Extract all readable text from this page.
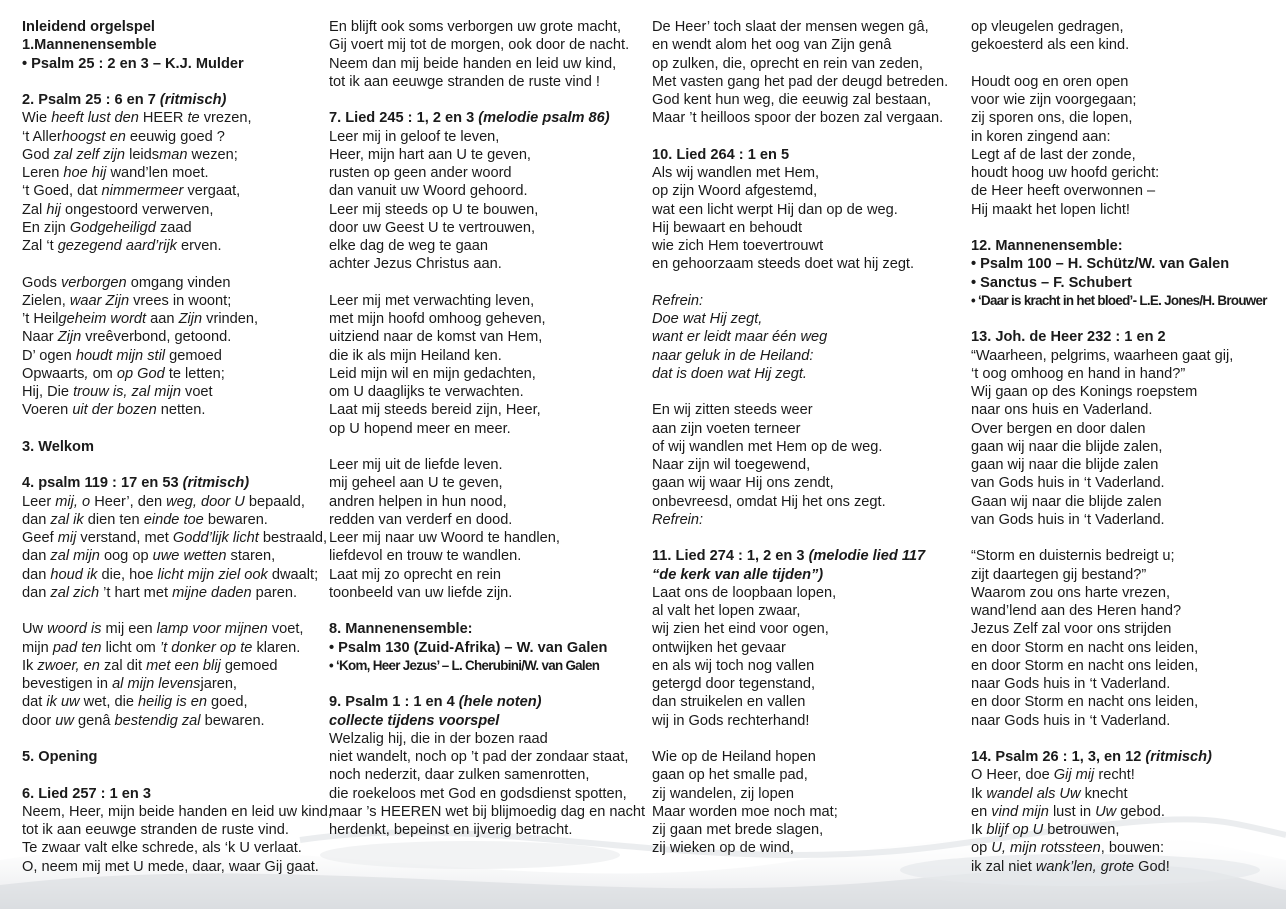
Inleidend orgelspel
1.Mannenensemble
• Psalm 25 : 2 en 3 – K.J. Mulder
2. Psalm 25 : 6 en 7 (ritmisch)
Wie heeft lust den HEER te vrezen,
‘t Allerhoogst en eeuwig goed ?
God zal zelf zijn leidsman wezen;
Leren hoe hij wand’len moet.
‘t Goed, dat nimmermeer vergaat,
Zal hij ongestoord verwerven,
En zijn Godgeheiligd zaad
Zal ‘t gezegend aard’rijk erven.
Gods verborgen omgang vinden
Zielen, waar Zijn vrees in woont;
’t Heilgeheim wordt aan Zijn vrinden,
Naar Zijn vreêverbond, getoond.
D’ ogen houdt mijn stil gemoed
Opwaarts, om op God te letten;
Hij, Die trouw is, zal mijn voet
Voeren uit der bozen netten.
3. Welkom
4. psalm 119 : 17 en 53 (ritmisch)
Leer mij, o Heer’, den weg, door U bepaald,
dan zal ik dien ten einde toe bewaren.
Geef mij verstand, met Godd’lijk licht bestraald,
dan zal mijn oog op uwe wetten staren,
dan houd ik die, hoe licht mijn ziel ook dwaalt;
dan zal zich ’t hart met mijne daden paren.
Uw woord is mij een lamp voor mijnen voet,
mijn pad ten licht om ’t donker op te klaren.
Ik zwoer, en zal dit met een blij gemoed
bevestigen in al mijn levensjaren,
dat ik uw wet, die heilig is en goed,
door uw genâ bestendig zal bewaren.
5. Opening
6. Lied 257 : 1 en 3
Neem, Heer, mijn beide handen en leid uw kind,
tot ik aan eeuwge stranden de ruste vind.
Te zwaar valt elke schrede, als ‘k U verlaat.
O, neem mij met U mede, daar, waar Gij gaat.
En blijft ook soms verborgen uw grote macht,
Gij voert mij tot de morgen, ook door de nacht.
Neem dan mij beide handen en leid uw kind,
tot ik aan eeuwge stranden de ruste vind !
7. Lied 245 : 1, 2 en 3 (melodie psalm 86)
Leer mij in geloof te leven,
Heer, mijn hart aan U te geven,
rusten op geen ander woord
dan vanuit uw Woord gehoord.
Leer mij steeds op U te bouwen,
door uw Geest U te vertrouwen,
elke dag de weg te gaan
achter Jezus Christus aan.
Leer mij met verwachting leven,
met mijn hoofd omhoog geheven,
uitziend naar de komst van Hem,
die ik als mijn Heiland ken.
Leid mijn wil en mijn gedachten,
om U daaglijks te verwachten.
Laat mij steeds bereid zijn, Heer,
op U hopend meer en meer.
Leer mij uit de liefde leven.
mij geheel aan U te geven,
andren helpen in hun nood,
redden van verderf en dood.
Leer mij naar uw Woord te handlen,
liefdevol en trouw te wandlen.
Laat mij zo oprecht en rein
toonbeeld van uw liefde zijn.
8. Mannenensemble:
• Psalm 130 (Zuid-Afrika) – W. van Galen
• ‘Kom, Heer Jezus’ – L. Cherubini/W. van Galen
9. Psalm 1 : 1 en 4 (hele noten)
collecte tijdens voorspel
Welzalig hij, die in der bozen raad
niet wandelt, noch op ’t pad der zondaar staat,
noch nederzit, daar zulken samenrotten,
die roekeloos met God en godsdienst spotten,
maar ’s HEEREN wet bij blijmoedig dag en nacht
herdenkt, bepeinst en ijverig betracht.
De Heer’ toch slaat der mensen wegen gâ,
en wendt alom het oog van Zijn genâ
op zulken, die, oprecht en rein van zeden,
Met vasten gang het pad der deugd betreden.
God kent hun weg, die eeuwig zal bestaan,
Maar ’t heilloos spoor der bozen zal vergaan.
10. Lied 264 : 1 en 5
Als wij wandlen met Hem,
op zijn Woord afgestemd,
wat een licht werpt Hij dan op de weg.
Hij bewaart en behoudt
wie zich Hem toevertrouwt
en gehoorzaam steeds doet wat hij zegt.
Refrein:
Doe wat Hij zegt,
want er leidt maar één weg
naar geluk in de Heiland:
dat is doen wat Hij zegt.
En wij zitten steeds weer
aan zijn voeten terneer
of wij wandlen met Hem op de weg.
Naar zijn wil toegewend,
gaan wij waar Hij ons zendt,
onbevreesd, omdat Hij het ons zegt.
Refrein:
11. Lied 274 : 1, 2 en 3 (melodie lied 117
“de kerk van alle tijden”)
Laat ons de loopbaan lopen,
al valt het lopen zwaar,
wij zien het eind voor ogen,
ontwijken het gevaar
en als wij toch nog vallen
getergd door tegenstand,
dan struikelen en vallen
wij in Gods rechterhand!
Wie op de Heiland hopen
gaan op het smalle pad,
zij wandelen, zij lopen
Maar worden moe noch mat;
zij gaan met brede slagen,
zij wieken op de wind,
op vleugelen gedragen,
gekoesterd als een kind.
Houdt oog en oren open
voor wie zijn voorgegaan;
zij sporen ons, die lopen,
in koren zingend aan:
Legt af de last der zonde,
houdt hoog uw hoofd gericht:
de Heer heeft overwonnen –
Hij maakt het lopen licht!
12. Mannenensemble:
• Psalm 100 – H. Schütz/W. van Galen
• Sanctus – F. Schubert
• ‘Daar is kracht in het bloed’- L.E. Jones/H. Brouwer
13. Joh. de Heer 232 : 1 en 2
“Waarheen, pelgrims, waarheen gaat gij,
‘t oog omhoog en hand in hand?”
Wij gaan op des Konings roepstem
naar ons huis en Vaderland.
Over bergen en door dalen
gaan wij naar die blijde zalen,
gaan wij naar die blijde zalen
van Gods huis in ‘t Vaderland.
Gaan wij naar die blijde zalen
van Gods huis in ‘t Vaderland.
“Storm en duisternis bedreigt u;
zijt daartegen gij bestand?”
Waarom zou ons harte vrezen,
wand’lend aan des Heren hand?
Jezus Zelf zal voor ons strijden
en door Storm en nacht ons leiden,
en door Storm en nacht ons leiden,
naar Gods huis in ‘t Vaderland.
en door Storm en nacht ons leiden,
naar Gods huis in ‘t Vaderland.
14. Psalm 26 : 1, 3, en 12 (ritmisch)
O Heer, doe Gij mij recht!
Ik wandel als Uw knecht
en vind mijn lust in Uw gebod.
Ik blijf op U betrouwen,
op U, mijn rotssteen, bouwen:
ik zal niet wank’len, grote God!
